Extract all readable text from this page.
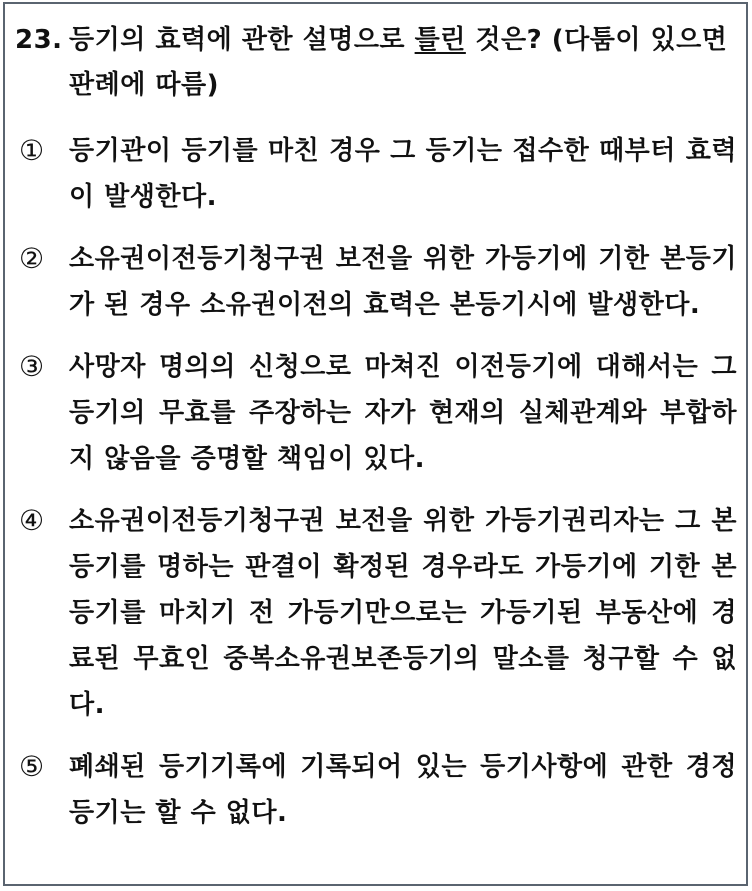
23. 등기의 효력에 관한 설명으로 틀린 것은? (다툼이 있으면 판례에 따름)
① 등기관이 등기를 마친 경우 그 등기는 접수한 때부터 효력이 발생한다.
② 소유권이전등기청구권 보전을 위한 가등기에 기한 본등기가 된 경우 소유권이전의 효력은 본등기시에 발생한다.
③ 사망자 명의의 신청으로 마쳐진 이전등기에 대해서는 그 등기의 무효를 주장하는 자가 현재의 실체관계와 부합하지 않음을 증명할 책임이 있다.
④ 소유권이전등기청구권 보전을 위한 가등기권리자는 그 본등기를 명하는 판결이 확정된 경우라도 가등기에 기한 본등기를 마치기 전 가등기만으로는 가등기된 부동산에 경료된 무효인 중복소유권보존등기의 말소를 청구할 수 없다.
⑤ 폐쇄된 등기기록에 기록되어 있는 등기사항에 관한 경정등기는 할 수 없다.
